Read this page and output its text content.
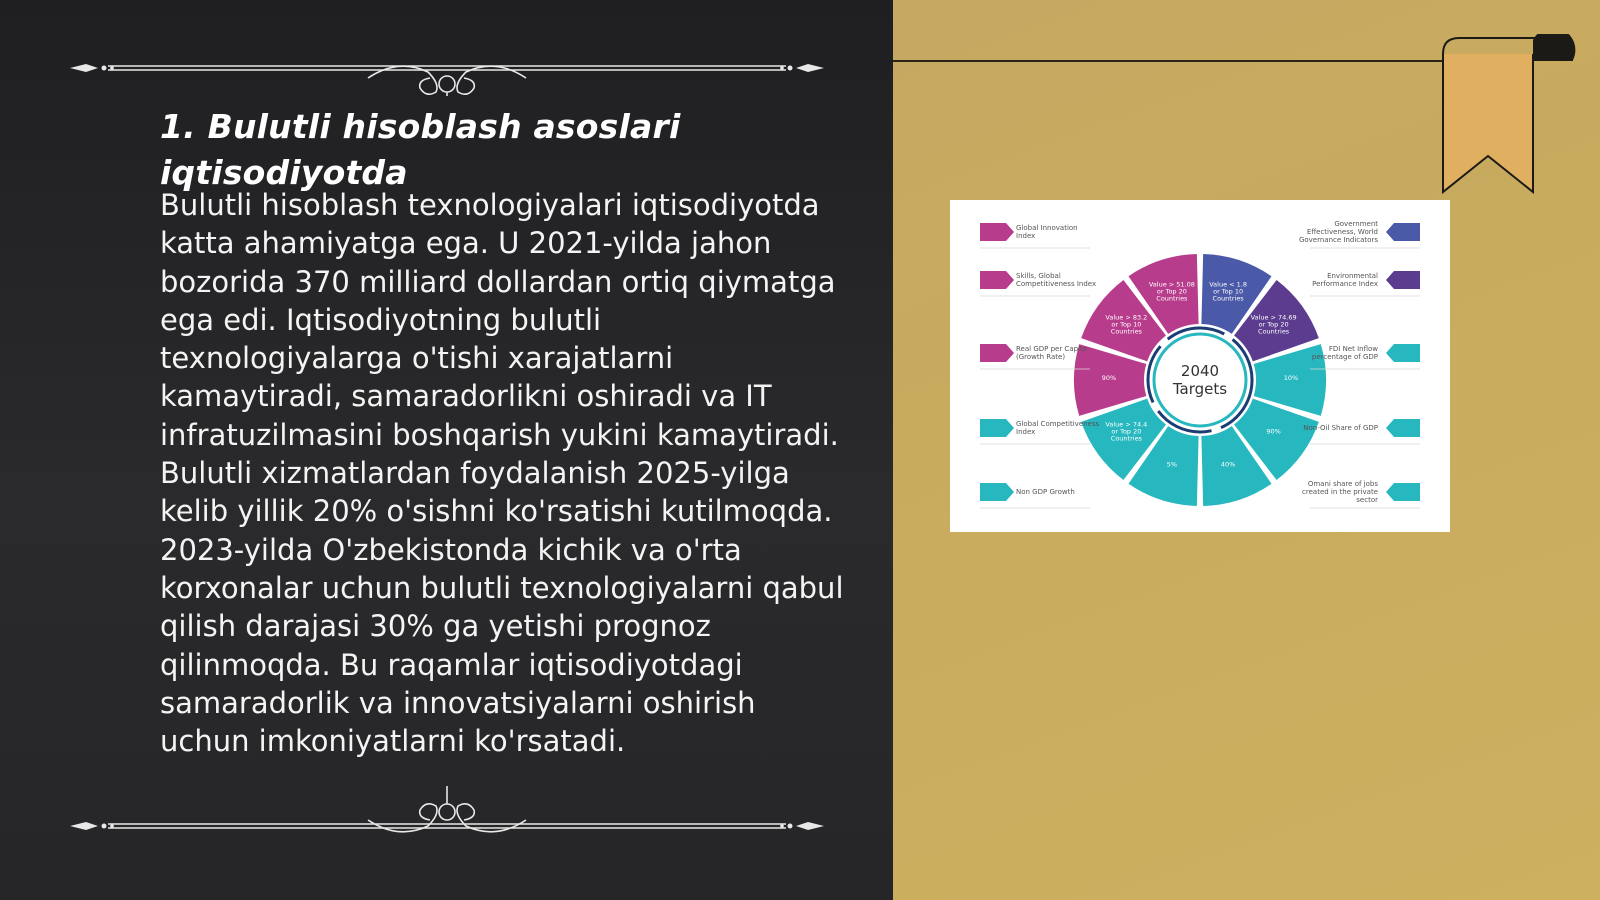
1. Bulutli hisoblash asoslari iqtisodiyotda

Bulutli hisoblash texnologiyalari iqtisodiyotda katta ahamiyatga ega. U 2021-yilda jahon bozorida 370 milliard dollardan ortiq qiymatga ega edi. Iqtisodiyotning bulutli texnologiyalarga o'tishi xarajatlarni kamaytiradi, samaradorlikni oshiradi va IT infratuzilmasini boshqarish yukini kamaytiradi. Bulutli xizmatlardan foydalanish 2025-yilga kelib yillik 20% o'sishni ko'rsatishi kutilmoqda. 2023-yilda O'zbekistonda kichik va o'rta korxonalar uchun bulutli texnologiyalarni qabul qilish darajasi 30% ga yetishi prognoz qilinmoqda. Bu raqamlar iqtisodiyotdagi samaradorlik va innovatsiyalarni oshirish uchun imkoniyatlarni ko'rsatadi.

Value > 51.08 or Top 20 Countries
Value < 1.8 or Top 10 Countries
Value > 74.69 or Top 20 Countries
10%
90%
40%
5%
Value > 74.4 or Top 20 Countries
90%
Value > 83.2 or Top 10 Countries
2040
Targets
Global Innovation Index
Skills, Global Competitiveness Index
Real GDP per Capita (Growth Rate)
Global Competitiveness Index
Non GDP Growth
Government Effectiveness, World Governance Indicators
Environmental Performance Index
FDI Net Inflow percentage of GDP
Non-Oil Share of GDP
Omani share of jobs created in the private sector
